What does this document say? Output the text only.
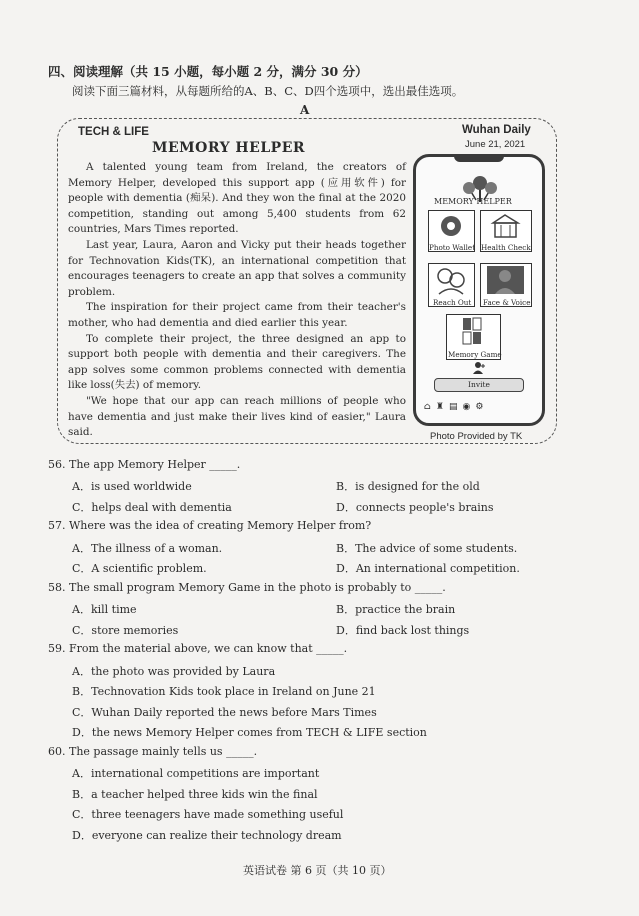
四、阅读理解（共 15 小题，每小题 2 分，满分 30 分）
阅读下面三篇材料，从每题所给的A、B、C、D四个选项中，选出最佳选项。
A
TECH & LIFE	Wuhan Daily
June 21, 2021
MEMORY HELPER

A talented young team from Ireland, the creators of Memory Helper, developed this support app (应用软件) for people with dementia (痴呆). And they won the final at the 2020 competition, standing out among 5,400 students from 62 countries, Mars Times reported.

Last year, Laura, Aaron and Vicky put their heads together for Technovation Kids(TK), an international competition that encourages teenagers to create an app that solves a community problem.

The inspiration for their project came from their teacher's mother, who had dementia and died earlier this year.

To complete their project, the three designed an app to support both people with dementia and their caregivers. The app solves some common problems connected with dementia like loss(失去) of memory.

"We hope that our app can reach millions of people who have dementia and just make their lives kind of easier," Laura said.

MEMORY HELPER
Photo Wallet Health Check
Reach Out Face & Voice
Memory Game
Invite
⌂♜▤◉⚙
Photo Provided by TK
56. The app Memory Helper _____.
A．is used worldwide	B．is designed for the old
C．helps deal with dementia	D．connects people's brains
57. Where was the idea of creating Memory Helper from?
A．The illness of a woman.	B．The advice of some students.
C．A scientific problem.	D．An international competition.
58. The small program Memory Game in the photo is probably to _____.
A．kill time	B．practice the brain
C．store memories	D．find back lost things
59. From the material above, we can know that _____.
A．the photo was provided by Laura
B．Technovation Kids took place in Ireland on June 21
C．Wuhan Daily reported the news before Mars Times
D．the news Memory Helper comes from TECH & LIFE section
60. The passage mainly tells us _____.
A．international competitions are important
B．a teacher helped three kids win the final
C．three teenagers have made something useful
D．everyone can realize their technology dream
英语试卷 第 6 页（共 10 页）
